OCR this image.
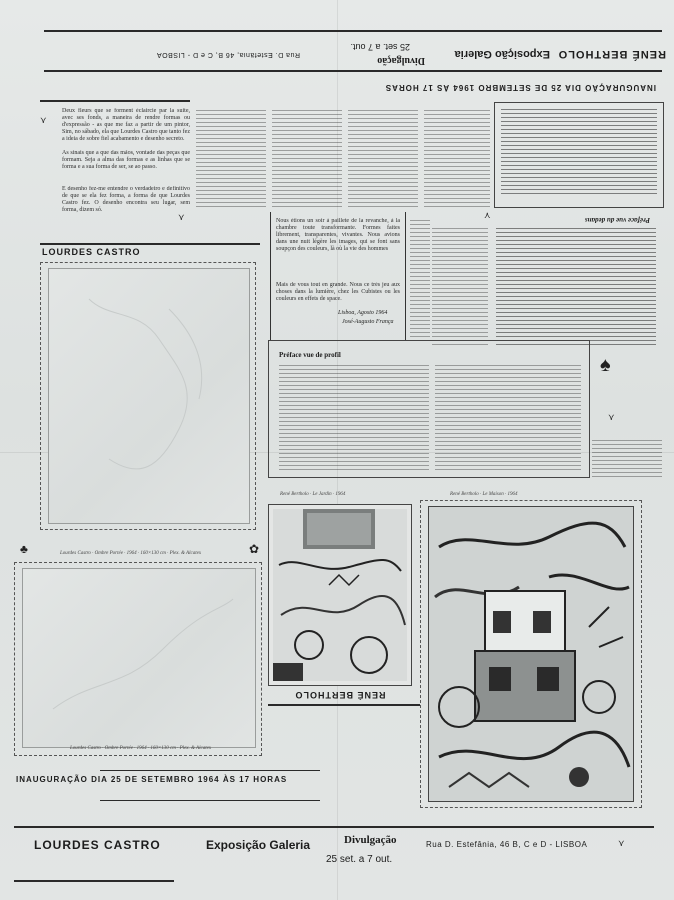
RENÉ BERTHOLO
Exposição Galeria
Divulgação
25 set. a 7 out.
Rua D. Estefânia, 46 B, C e D - LISBOA
INAUGURAÇÃO DIA 25 DE SETEMBRO 1964 ÀS 17 HORAS
Deux fleurs que se forment éclaircie par la suite, avec ses fonds, a maneira de rendre formas ou d'expressão - as que me faz a partir de um pintor, Sim, no sábado, ela que Lourdes Castro que tanto fez a ideia de sobre fiel acabamento e desenho secreto.
As sinais que a que das mãos, vontade das peças que formam. Seja a alma das formas e as linhas que se forma e a sua forma de ser, se ao passo.
É desenho fez-me entendre o verdadeiro e definitivo de que se ela fez forma, a forma de que Lourdes Castro fez. O desenho encontra seu lugar, sem forma, dizem só.
⋎
⋎	Préface vue du dedans
⋏
Nous étions un soir à paillete de la revanche, à la chambre toute transformante. Formes faites librement, transparentes, vivantes. Nous avions dans une nuit légère les images, qui se font sans soupçon des couleurs, là où la vie des hommes
Mais de vous tout en grande. Nous ce très jeu aux choses dans la lumière, chez les Cubistes ou les couleurs en effets de space.
Lisboa, Agosto 1964
José-Augusto França
LOURDES CASTRO
Lourdes Castro · Ombre Portée · 1964 · 160×130 cm · Plex. & Alcatex
♣	✿
Lourdes Castro · Ombre Portée · 1964 · 160×130 cm · Plex. & Alcatex
Préface vue de profil	♠
⋎
René Bertholo · Le Jardin · 1964	René Bertholo · Le Maison · 1964
RENÉ BERTHOLO
INAUGURAÇÃO DIA 25 DE SETEMBRO 1964 ÀS 17 HORAS
LOURDES CASTRO	Exposição Galeria	Divulgação
25 set. a 7 out.
Rua D. Estefânia, 46 B, C e D - LISBOA	⋎
